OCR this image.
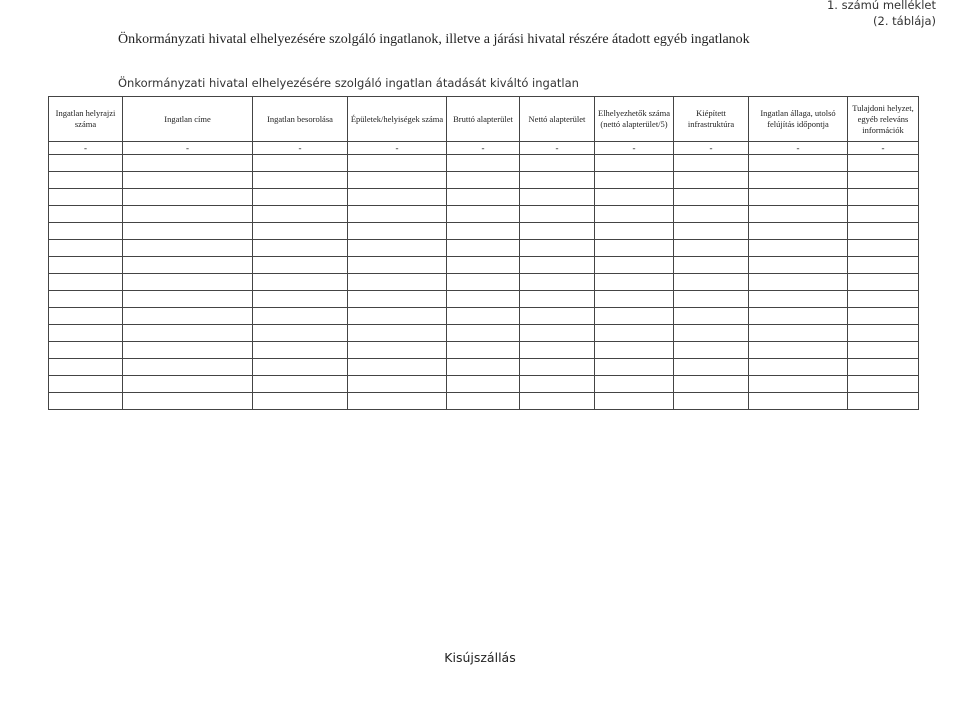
1. számú melléklet
(2. táblája)
Önkormányzati hivatal elhelyezésére szolgáló ingatlanok, illetve a járási hivatal részére átadott egyéb ingatlanok
Önkormányzati hivatal elhelyezésére szolgáló ingatlan átadását kiváltó ingatlan
Ingatlan helyrajzi száma	Ingatlan címe	Ingatlan besorolása	Épületek/helyiségek száma	Bruttó alapterület	Nettó alapterület	Elhelyezhetők száma (nettó alapterület/5)	Kiépített infrastruktúra	Ingatlan állaga, utolsó felújítás időpontja	Tulajdoni helyzet, egyéb releváns információk
-	-	-	-	-	-	-	-	-	-

Kisújszállás
